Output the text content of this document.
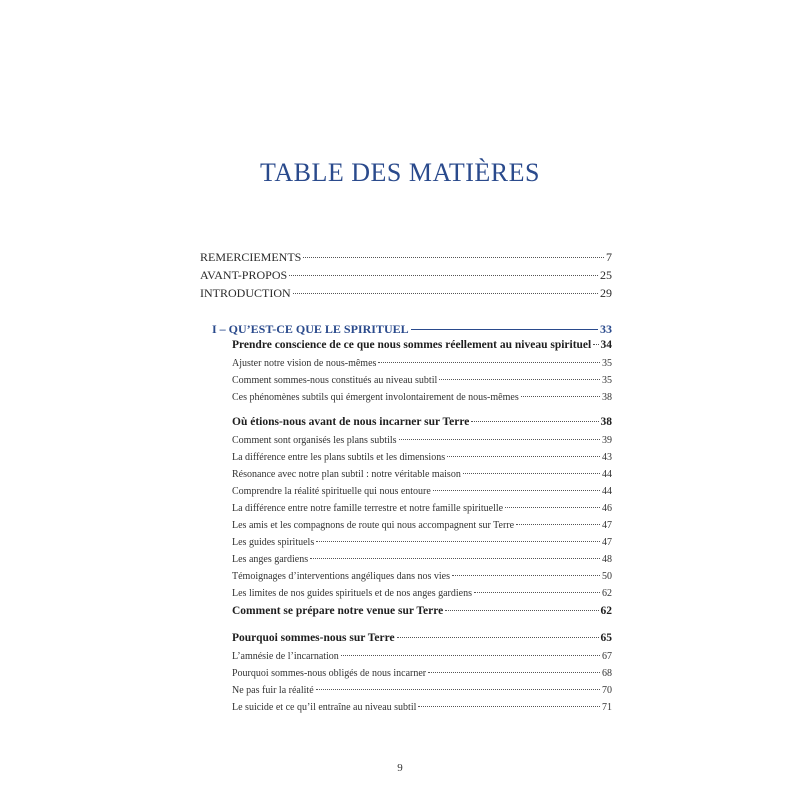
TABLE DES MATIÈRES
REMERCIEMENTS	7
AVANT-PROPOS	25
INTRODUCTION	29
I – QU’EST-CE QUE LE SPIRITUEL	33
Prendre conscience de ce que nous sommes réellement au niveau spirituel 34
Ajuster notre vision de nous-mêmes	35
Comment sommes-nous constitués au niveau subtil	35
Ces phénomènes subtils qui émergent involontairement de nous-mêmes	38
Où étions-nous avant de nous incarner sur Terre	38
Comment sont organisés les plans subtils	39
La différence entre les plans subtils et les dimensions	43
Résonance avec notre plan subtil : notre véritable maison	44
Comprendre la réalité spirituelle qui nous entoure	44
La différence entre notre famille terrestre et notre famille spirituelle	46
Les amis et les compagnons de route qui nous accompagnent sur Terre	47
Les guides spirituels	47
Les anges gardiens	48
Témoignages d’interventions angéliques dans nos vies	50
Les limites de nos guides spirituels et de nos anges gardiens	62
Comment se prépare notre venue sur Terre	62
Pourquoi sommes-nous sur Terre	65
L’amnésie de l’incarnation	67
Pourquoi sommes-nous obligés de nous incarner	68
Ne pas fuir la réalité	70
Le suicide et ce qu’il entraîne au niveau subtil	71
9
